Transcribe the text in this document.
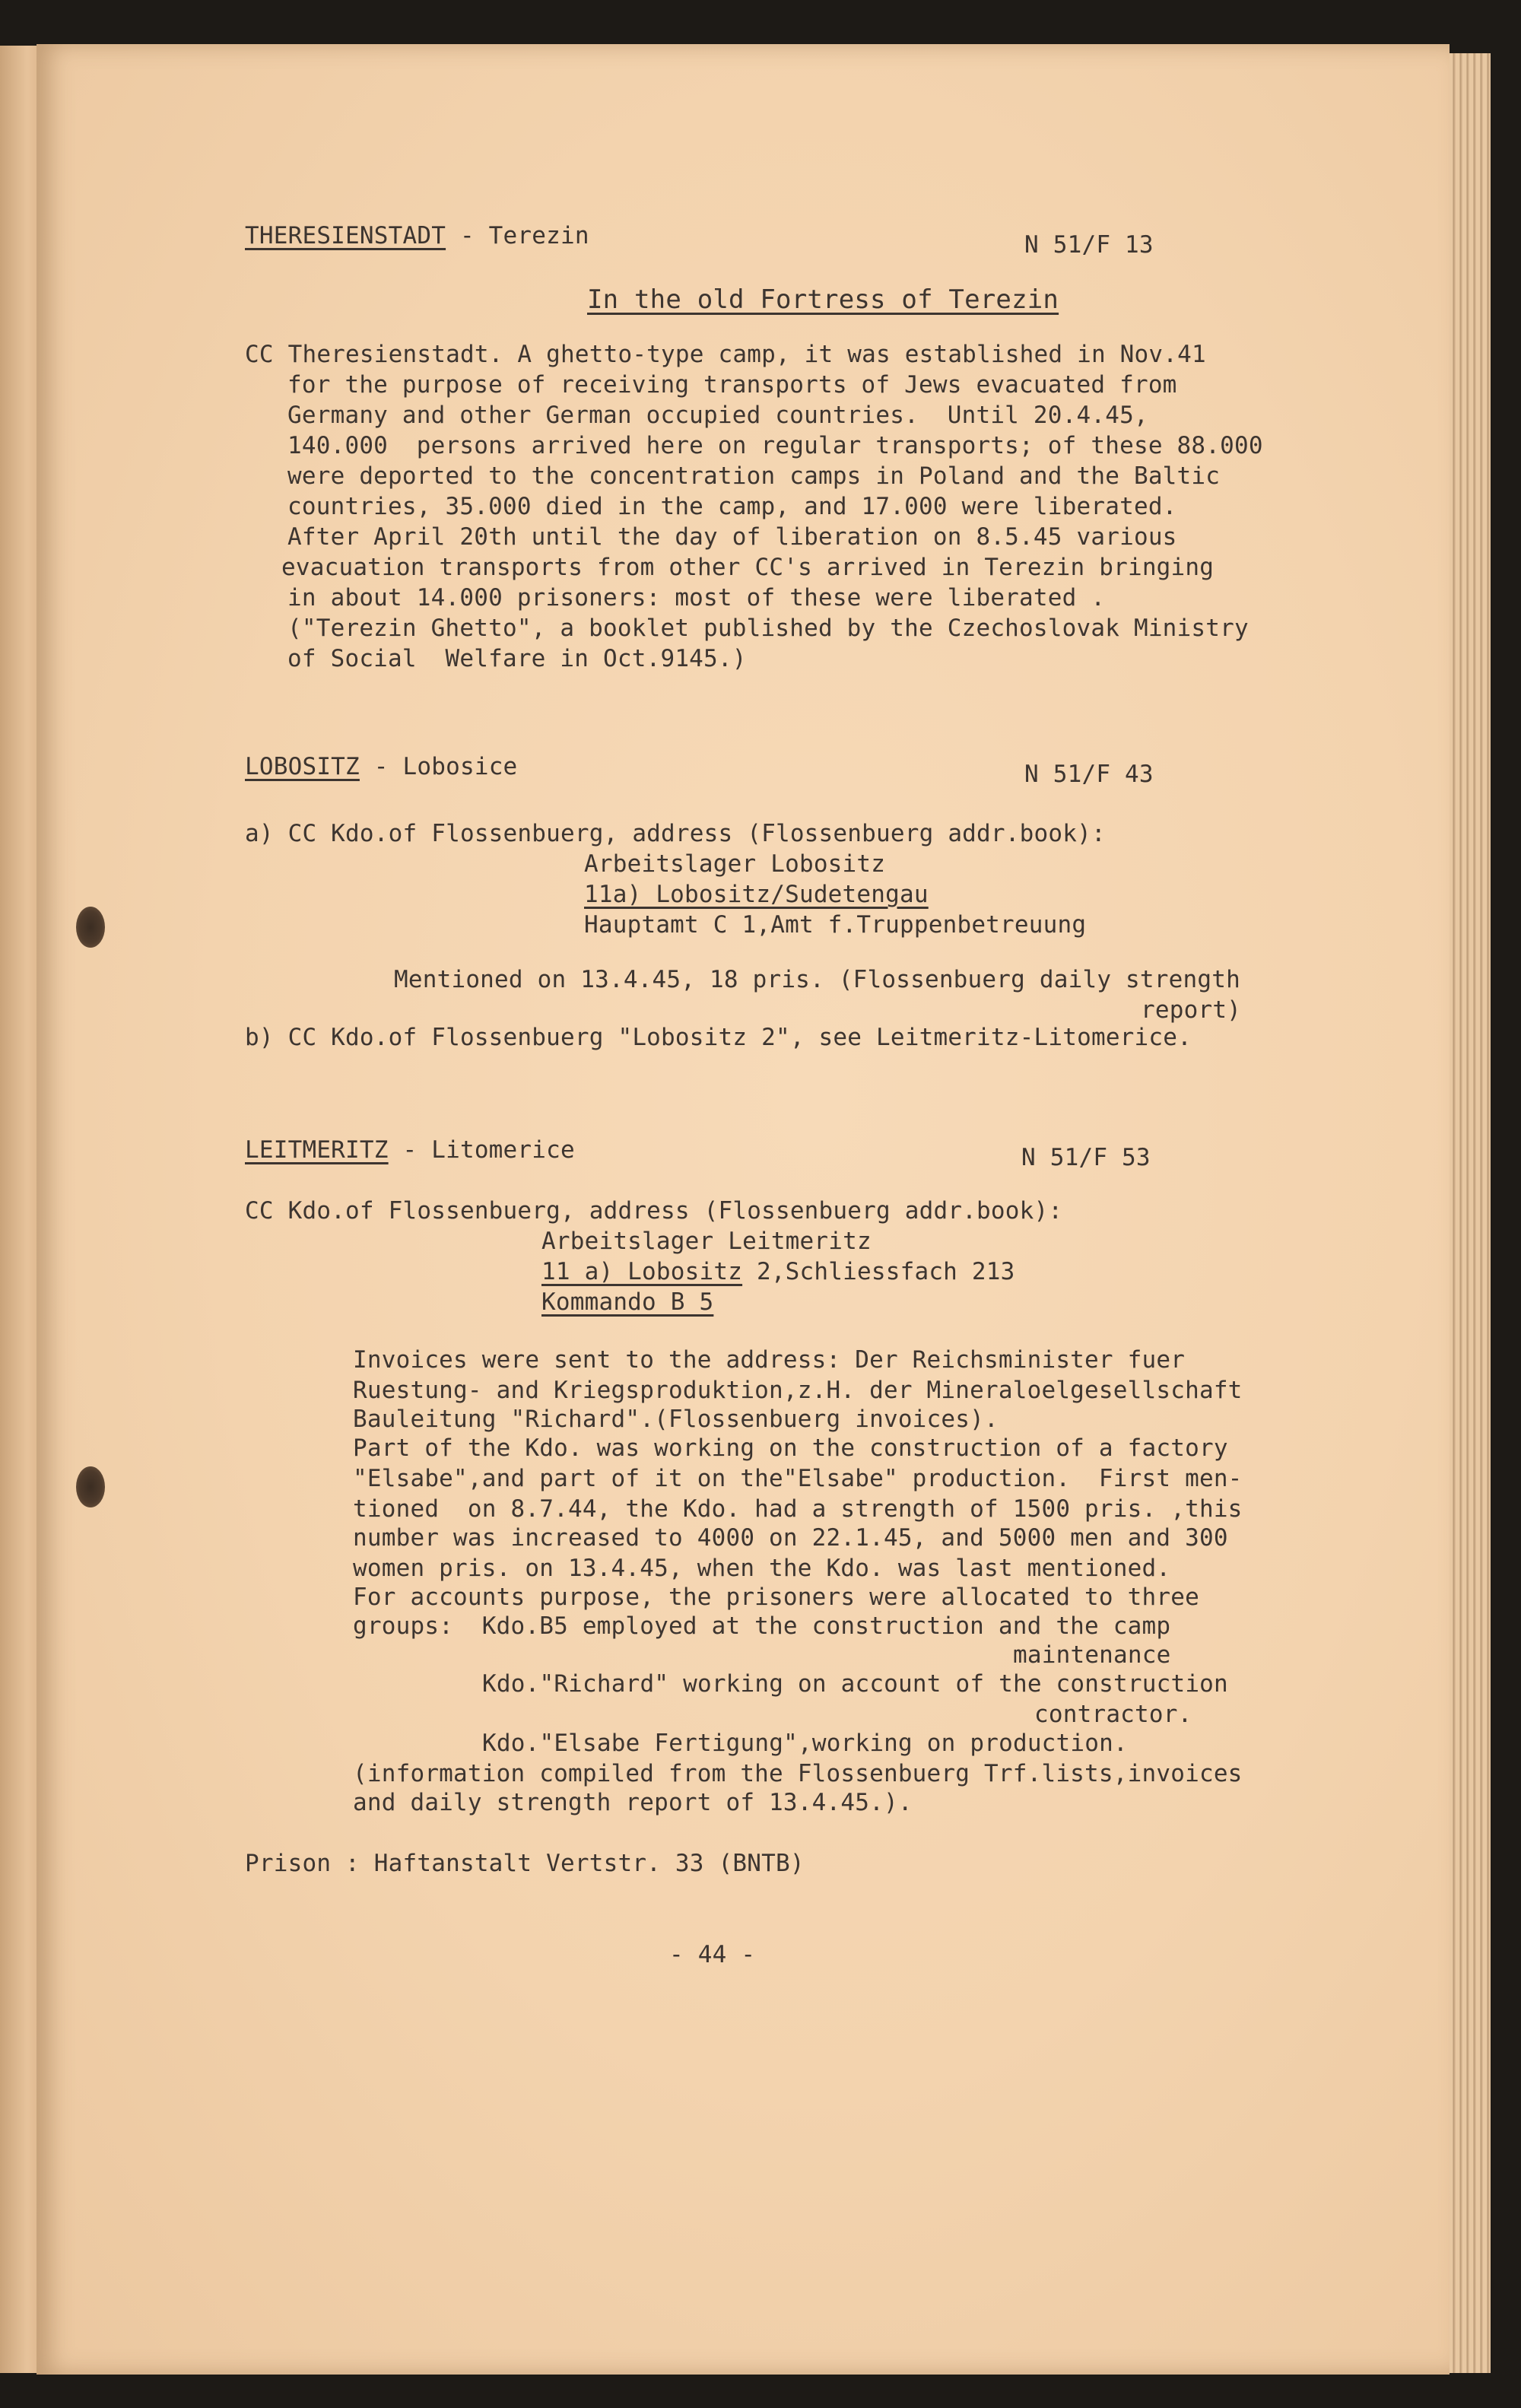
THERESIENSTADT - Terezin	N 51/F 13
In the old Fortress of Terezin
CC Theresienstadt. A ghetto-type camp, it was established in Nov.41
for the purpose of receiving transports of Jews evacuated from
Germany and other German occupied countries.  Until 20.4.45,
140.000  persons arrived here on regular transports; of these 88.000
were deported to the concentration camps in Poland and the Baltic
countries, 35.000 died in the camp, and 17.000 were liberated.
After April 20th until the day of liberation on 8.5.45 various
evacuation transports from other CC's arrived in Terezin bringing
in about 14.000 prisoners: most of these were liberated .
("Terezin Ghetto", a booklet published by the Czechoslovak Ministry
of Social  Welfare in Oct.9145.)
LOBOSITZ - Lobosice	N 51/F 43
a) CC Kdo.of Flossenbuerg, address (Flossenbuerg addr.book):
Arbeitslager Lobositz
11a) Lobositz/Sudetengau
Hauptamt C 1,Amt f.Truppenbetreuung
Mentioned on 13.4.45, 18 pris. (Flossenbuerg daily strength
report)
b) CC Kdo.of Flossenbuerg "Lobositz 2", see Leitmeritz-Litomerice.
LEITMERITZ - Litomerice	N 51/F 53
CC Kdo.of Flossenbuerg, address (Flossenbuerg addr.book):
Arbeitslager Leitmeritz
11 a) Lobositz 2,Schliessfach 213
Kommando B 5
Invoices were sent to the address: Der Reichsminister fuer
Ruestung- and Kriegsproduktion,z.H. der Mineraloelgesellschaft
Bauleitung "Richard".(Flossenbuerg invoices).
Part of the Kdo. was working on the construction of a factory
"Elsabe",and part of it on the"Elsabe" production.  First men-
tioned  on 8.7.44, the Kdo. had a strength of 1500 pris. ,this
number was increased to 4000 on 22.1.45, and 5000 men and 300
women pris. on 13.4.45, when the Kdo. was last mentioned.
For accounts purpose, the prisoners were allocated to three
groups:  Kdo.B5 employed at the construction and the camp
maintenance
Kdo."Richard" working on account of the construction
contractor.
Kdo."Elsabe Fertigung",working on production.
(information compiled from the Flossenbuerg Trf.lists,invoices
and daily strength report of 13.4.45.).
Prison : Haftanstalt Vertstr. 33 (BNTB)
- 44 -
